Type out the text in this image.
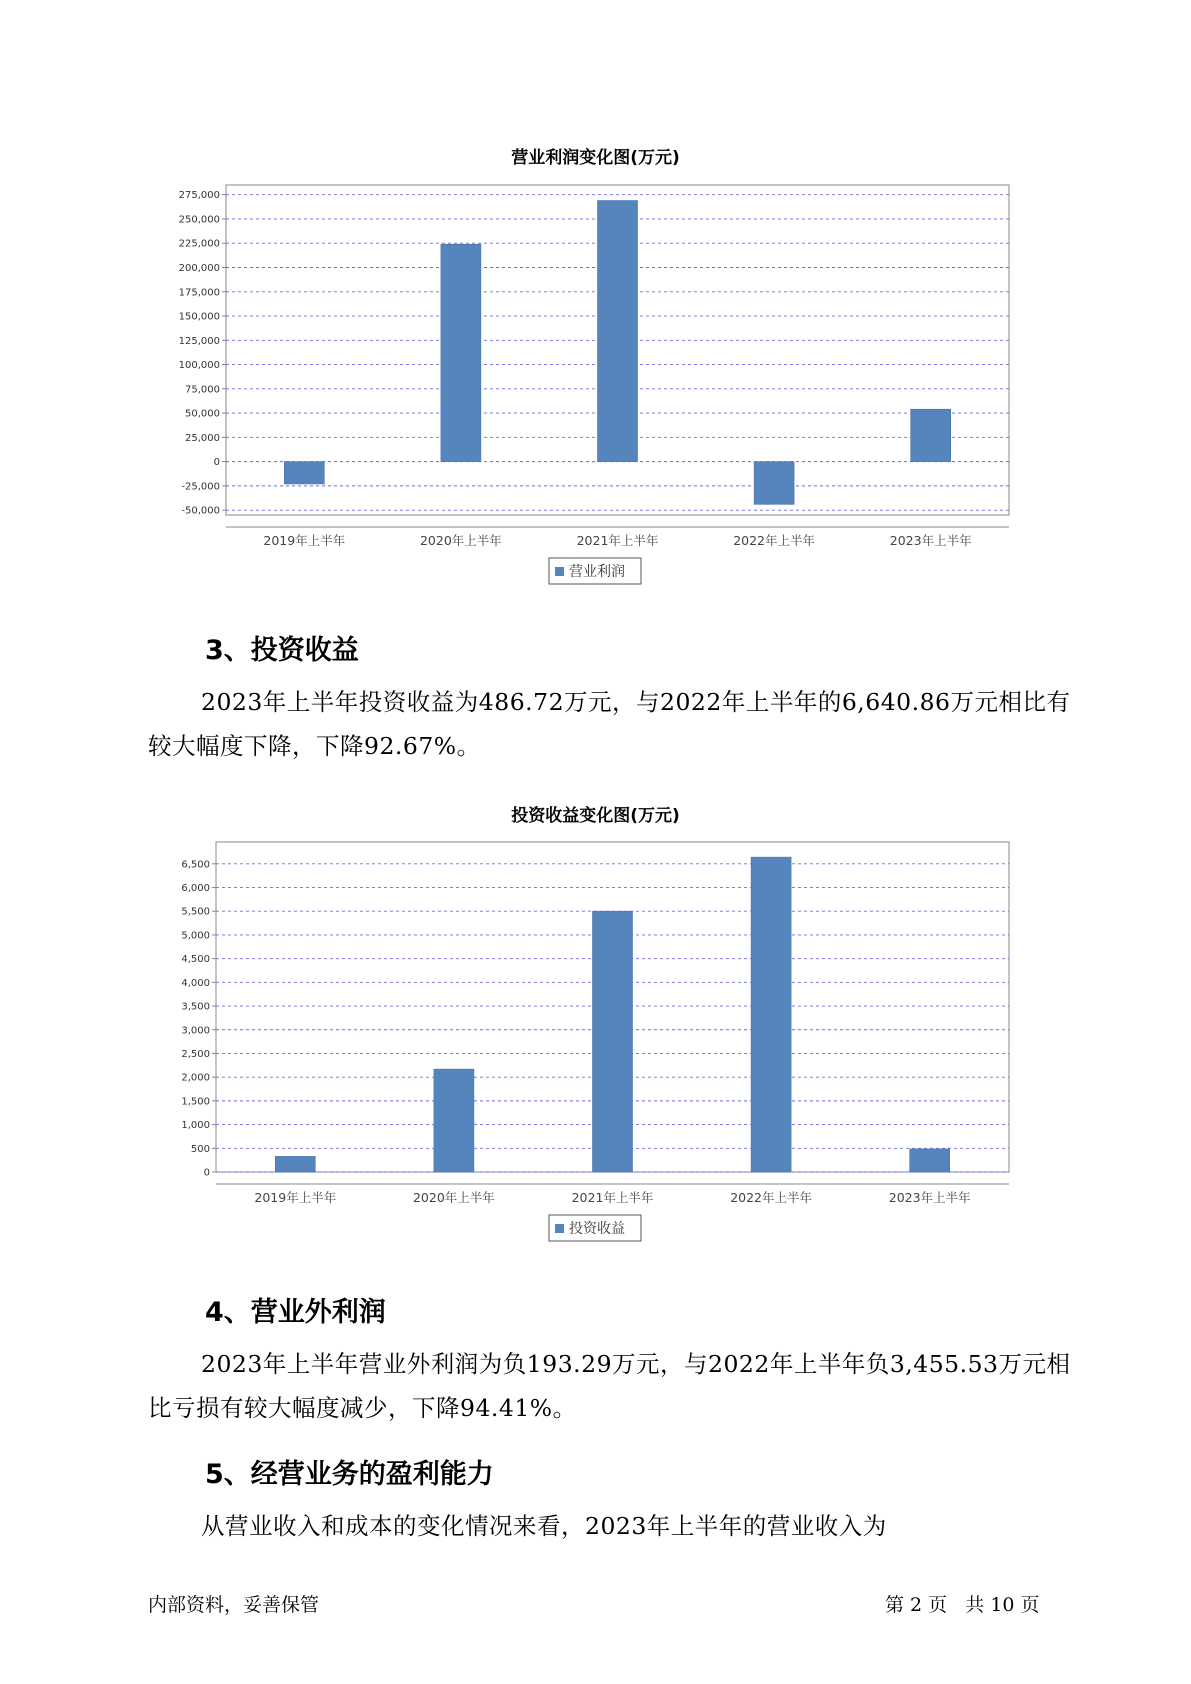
营业利润变化图(万元)
275,000
250,000
225,000
200,000
175,000
150,000
125,000
100,000
75,000
50,000
25,000
0
-25,000
-50,000
2019年上半年	2020年上半年	2021年上半年	2022年上半年	2023年上半年
营业利润
3、投资收益

2023年上半年投资收益为486.72万元，与2022年上半年的6,640.86万元相比有较大幅度下降，下降92.67%。

投资收益变化图(万元)
6,500
6,000
5,500
5,000
4,500
4,000
3,500
3,000
2,500
2,000
1,500
1,000
500
0
2019年上半年	2020年上半年	2021年上半年	2022年上半年	2023年上半年
投资收益
4、营业外利润

2023年上半年营业外利润为负193.29万元，与2022年上半年负3,455.53万元相比亏损有较大幅度减少，下降94.41%。

5、经营业务的盈利能力

从营业收入和成本的变化情况来看，2023年上半年的营业收入为

内部资料，妥善保管	第 2 页   共 10 页
